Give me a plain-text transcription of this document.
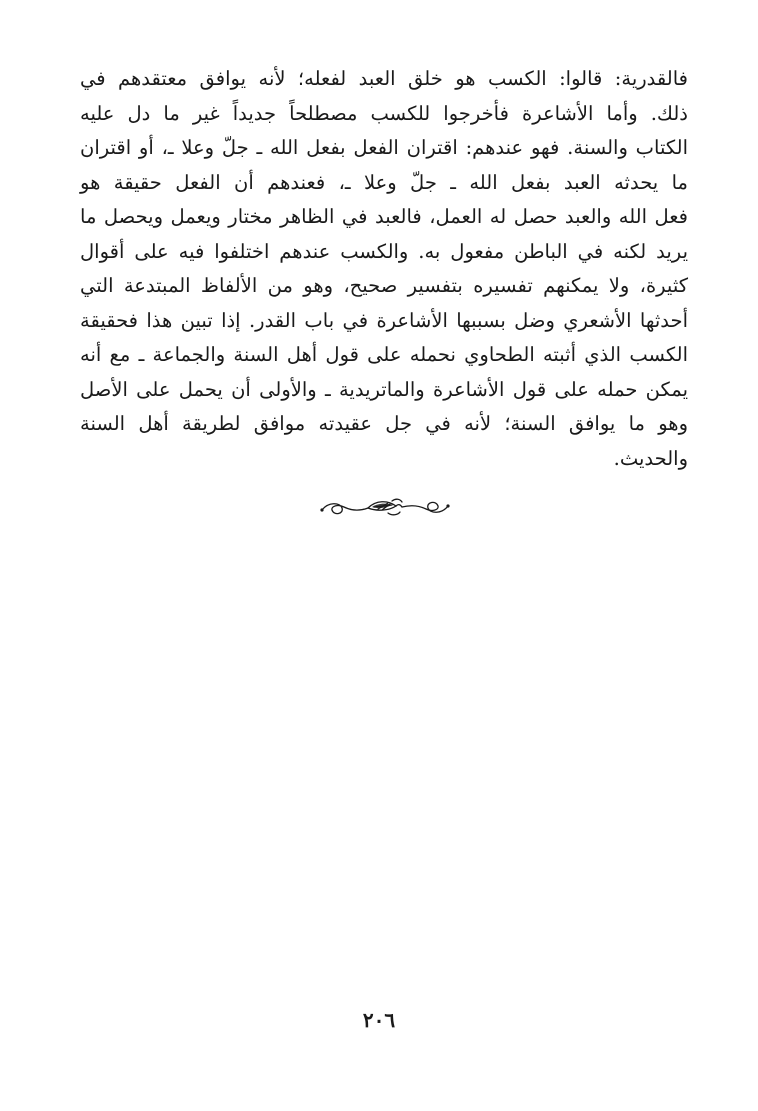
فالقدرية: قالوا: الكسب هو خلق العبد لفعله؛ لأنه يوافق معتقدهم في
ذلك. وأما الأشاعرة فأخرجوا للكسب مصطلحاً جديداً غير ما دل عليه
الكتاب والسنة. فهو عندهم: اقتران الفعل بفعل الله ـ جلّ وعلا ـ، أو اقتران
ما يحدثه العبد بفعل الله ـ جلّ وعلا ـ، فعندهم أن الفعل حقيقة هو
فعل الله والعبد حصل له العمل، فالعبد في الظاهر مختار ويعمل ويحصل ما
يريد لكنه في الباطن مفعول به. والكسب عندهم اختلفوا فيه على أقوال
كثيرة، ولا يمكنهم تفسيره بتفسير صحيح، وهو من الألفاظ المبتدعة التي
أحدثها الأشعري وضل بسببها الأشاعرة في باب القدر. إذا تبين هذا فحقيقة
الكسب الذي أثبته الطحاوي نحمله على قول أهل السنة والجماعة ـ مع أنه
يمكن حمله على قول الأشاعرة والماتريدية ـ والأولى أن يحمل على الأصل
وهو ما يوافق السنة؛ لأنه في جل عقيدته موافق لطريقة أهل السنة
والحديث.
٢٠٦
